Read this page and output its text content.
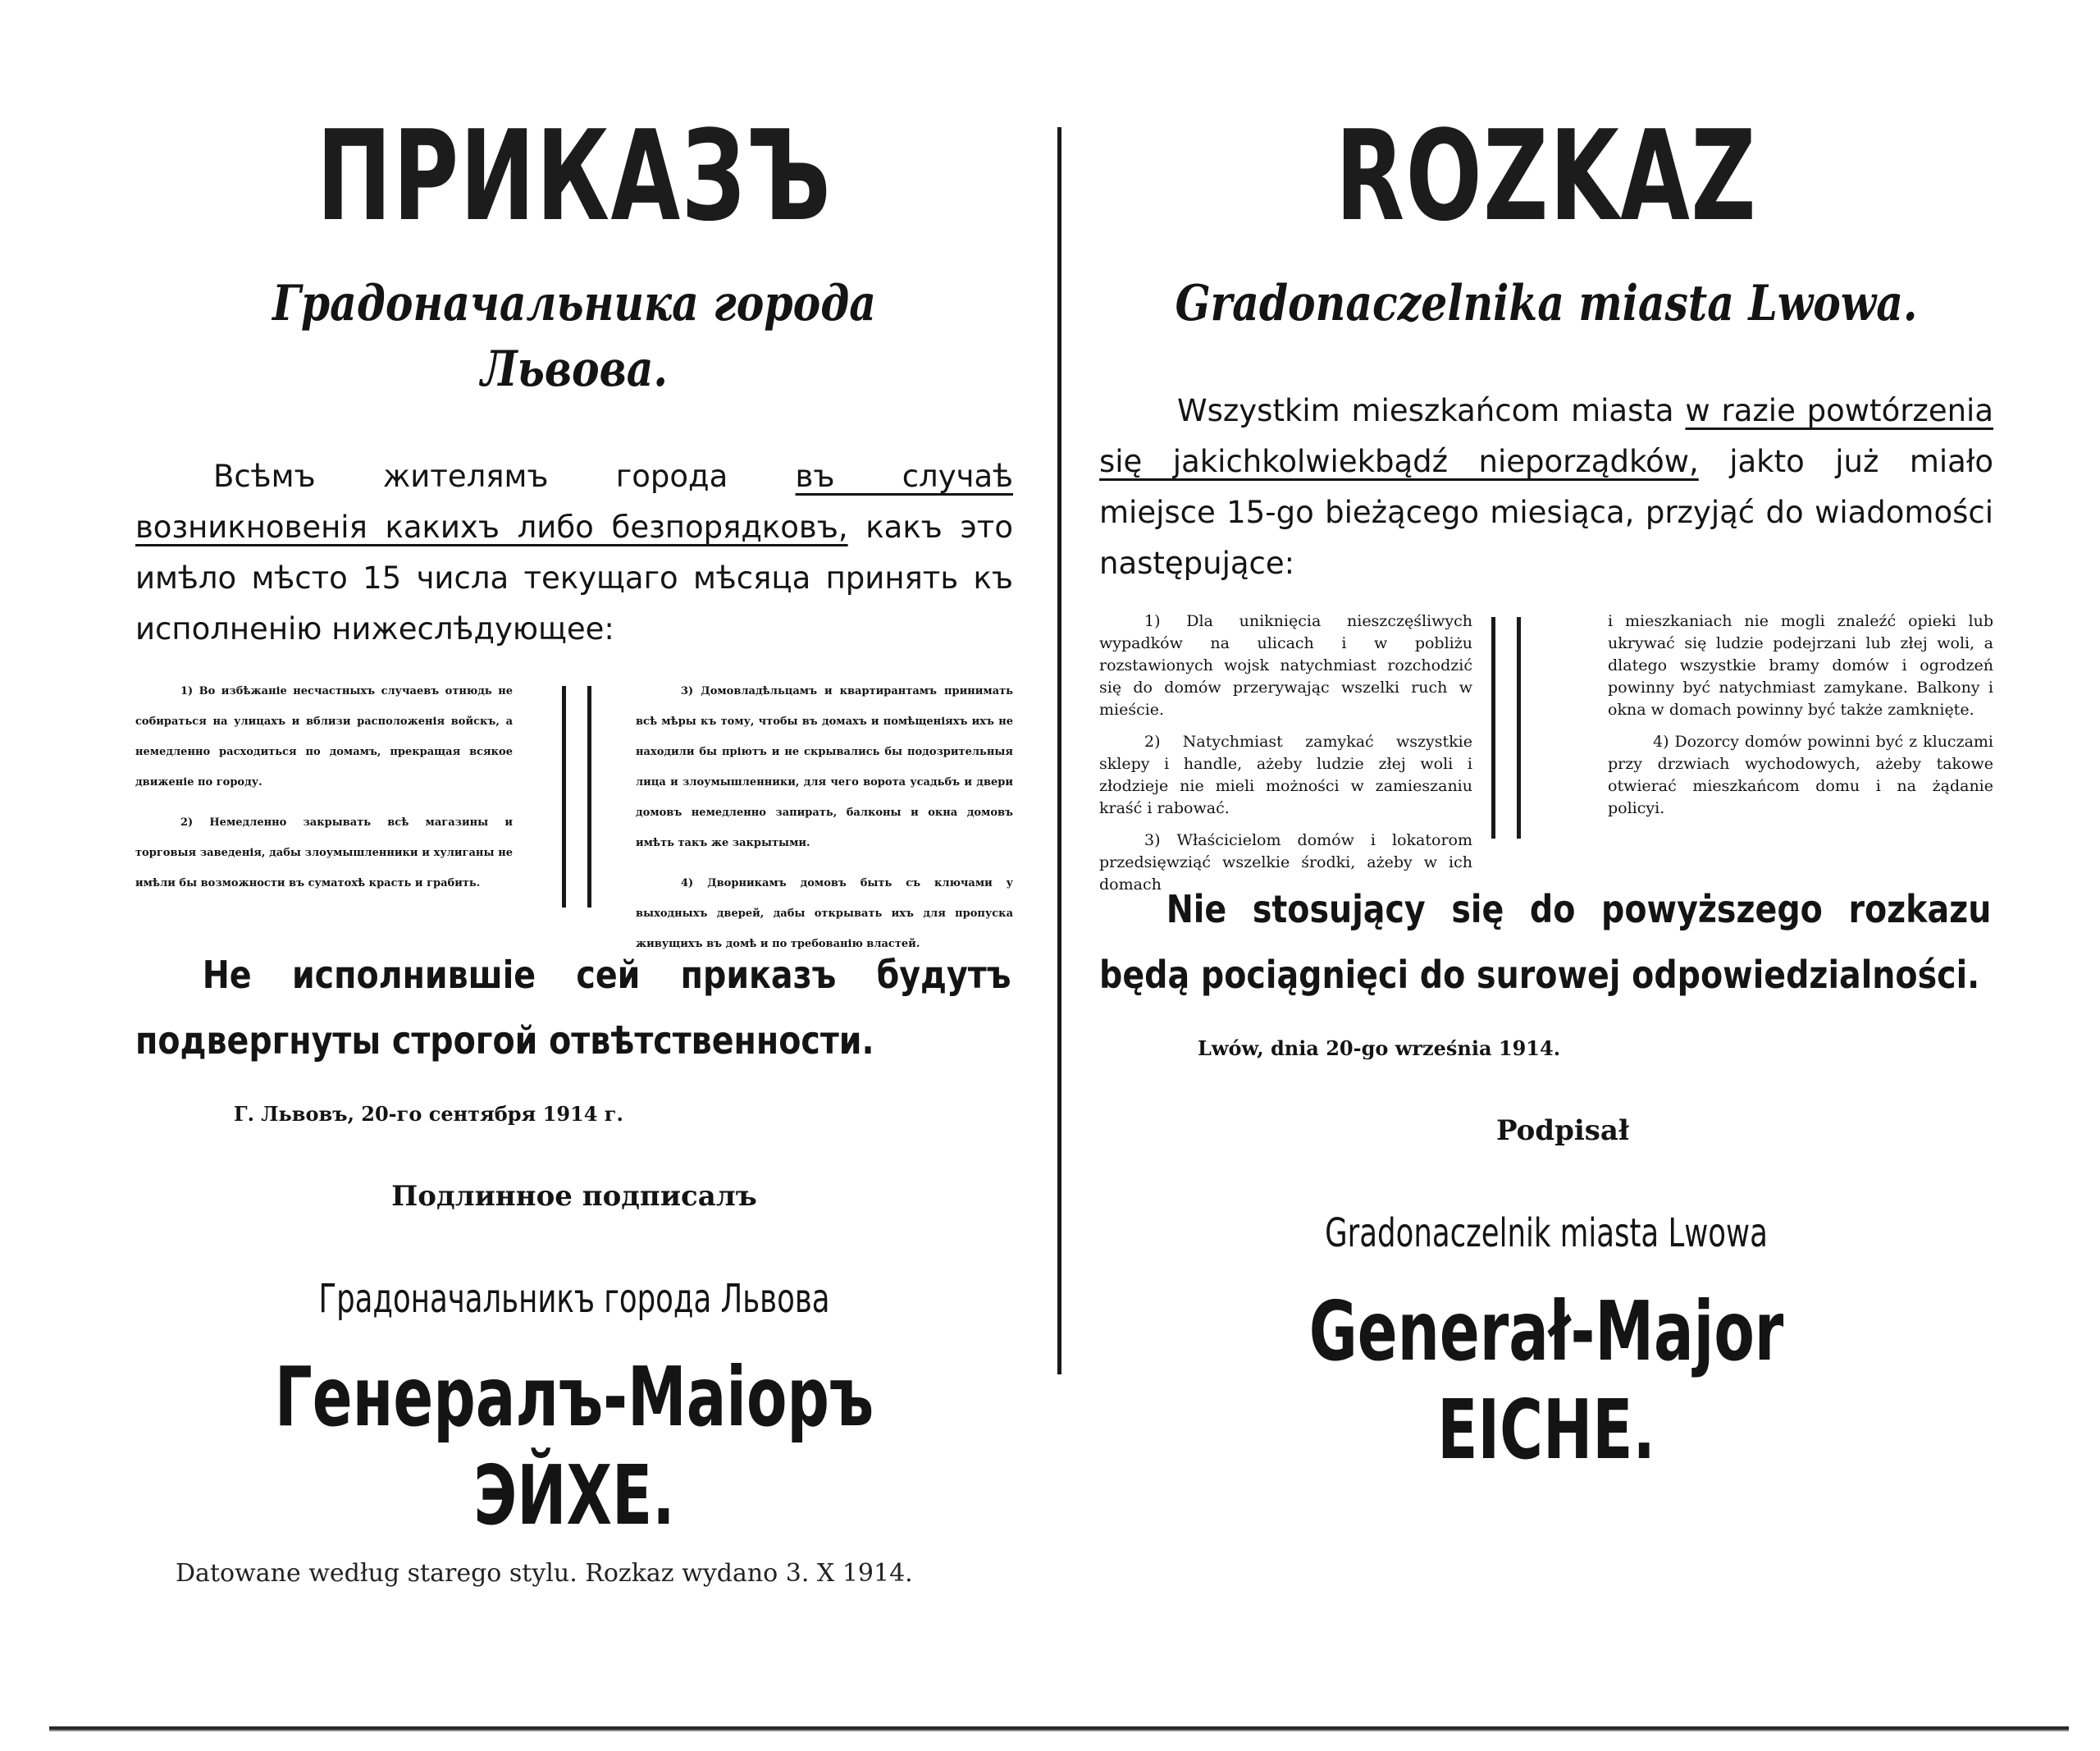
ПРИКАЗЪ
Градоначальника города Львова.

Всѣмъ жителямъ города въ случаѣ возникновенія какихъ либо безпорядковъ, какъ это имѣло мѣсто 15 числа текущаго мѣсяца принять къ исполненію нижеслѣдующее:

1) Во избѣжаніе несчастныхъ случаевъ отнюдь не собираться на улицахъ и вблизи расположенія войскъ, а немедленно расходиться по домамъ, прекращая всякое движеніе по городу.

2) Немедленно закрывать всѣ магазины и торговыя заведенія, дабы злоумышленники и хулиганы не имѣли бы возможности въ суматохѣ красть и грабить.

3) Домовладѣльцамъ и квартирантамъ принимать всѣ мѣры къ тому, чтобы въ домахъ и помѣщеніяхъ ихъ не находили бы пріютъ и не скрывались бы подозрительныя лица и злоумышленники, для чего ворота усадьбъ и двери домовъ немедленно запирать, балконы и окна домовъ имѣть такъ же закрытыми.

4) Дворникамъ домовъ быть съ ключами у выходныхъ дверей, дабы открывать ихъ для пропуска живущихъ въ домѣ и по требованію властей.

Не исполнившіе сей приказъ будутъ подвергнуты строгой отвѣтственности.

Г. Львовъ, 20-го сентября 1914 г.

Подлинное подписалъ

Градоначальникъ города Львова

Генералъ-Маіоръ ЭЙХЕ.

ROZKAZ
Gradonaczelnika miasta Lwowa.

Wszystkim mieszkańcom miasta w razie powtórzenia się jakichkolwiekbądź nieporządków, jakto już miało miejsce 15-go bieżącego miesiąca, przyjąć do wiadomości następujące:

1) Dla uniknięcia nieszczęśliwych wypadków na ulicach i w pobliżu rozstawionych wojsk natychmiast rozchodzić się do domów przerywając wszelki ruch w mieście.

2) Natychmiast zamykać wszystkie sklepy i handle, ażeby ludzie złej woli i złodzieje nie mieli możności w zamieszaniu kraść i rabować.

3) Właścicielom domów i lokatorom przedsięwziąć wszelkie środki, ażeby w ich domach

i mieszkaniach nie mogli znaleźć opieki lub ukrywać się ludzie podejrzani lub złej woli, a dlatego wszystkie bramy domów i ogrodzeń powinny być natychmiast zamykane. Balkony i okna w domach powinny być także zamknięte.

4) Dozorcy domów powinni być z kluczami przy drzwiach wychodowych, ażeby takowe otwierać mieszkańcom domu i na żądanie policyi.

Nie stosujący się do powyższego rozkazu będą pociągnięci do surowej odpowiedzialności.

Lwów, dnia 20-go września 1914.

Podpisał

Gradonaczelnik miasta Lwowa

Generał-Major EICHE.

Datowane według starego stylu. Rozkaz wydano 3. X 1914.
